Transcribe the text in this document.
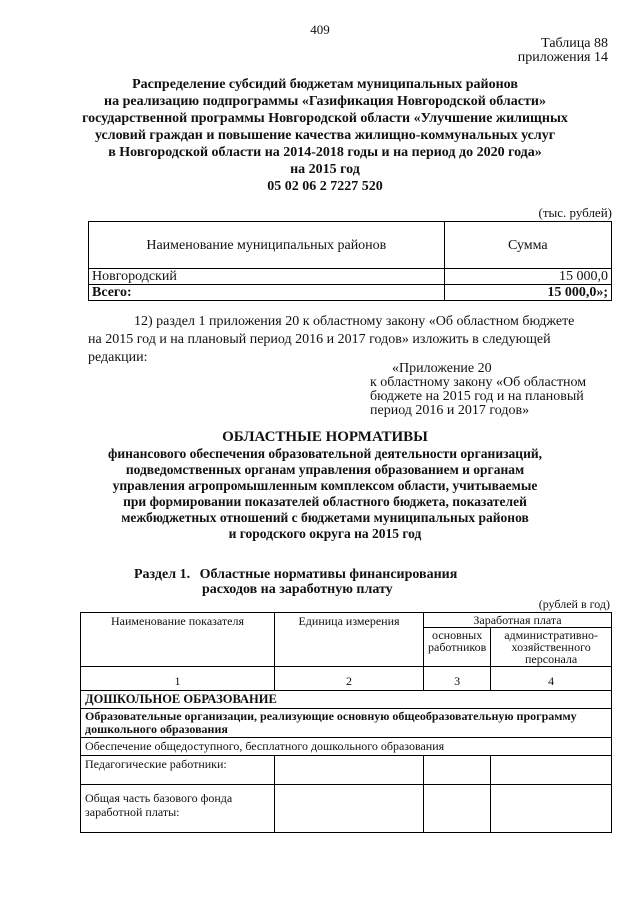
409
Таблица 88
приложения 14
Распределение субсидий бюджетам муниципальных районов
на реализацию подпрограммы «Газификация Новгородской области»
государственной программы Новгородской области «Улучшение жилищных
условий граждан и повышение качества жилищно-коммунальных услуг
в Новгородской области на 2014-2018 годы и на период до 2020 года»
на 2015 год
05 02 06 2 7227 520
(тыс. рублей)
Наименование муниципальных районов	Сумма
Новгородский	15 000,0
Всего:	15 000,0»;
12) раздел 1 приложения 20 к областному закону «Об областном бюджете
на 2015 год и на плановый период 2016 и 2017 годов» изложить в следующей
редакции:
«Приложение 20
к областному закону «Об областном
бюджете на 2015 год и на плановый
период 2016 и 2017 годов»
ОБЛАСТНЫЕ НОРМАТИВЫ
финансового обеспечения образовательной деятельности организаций,
подведомственных органам управления образованием и органам
управления агропромышленным комплексом области, учитываемые
при формировании показателей областного бюджета, показателей
межбюджетных отношений с бюджетами муниципальных районов
и городского округа на 2015 год
Раздел 1. Областные нормативы финансирования
расходов на заработную плату
(рублей в год)
Наименование показателя	Единица измерения	Заработная плата	
		основных работников	административно-хозяйственного персонала
1	2	3	4
ДОШКОЛЬНОЕ ОБРАЗОВАНИЕ			
Образовательные организации, реализующие основную общеобразовательную программу дошкольного образования			
Обеспечение общедоступного, бесплатного дошкольного образования			
Педагогические работники:			
Общая часть базового фонда заработной платы:			
